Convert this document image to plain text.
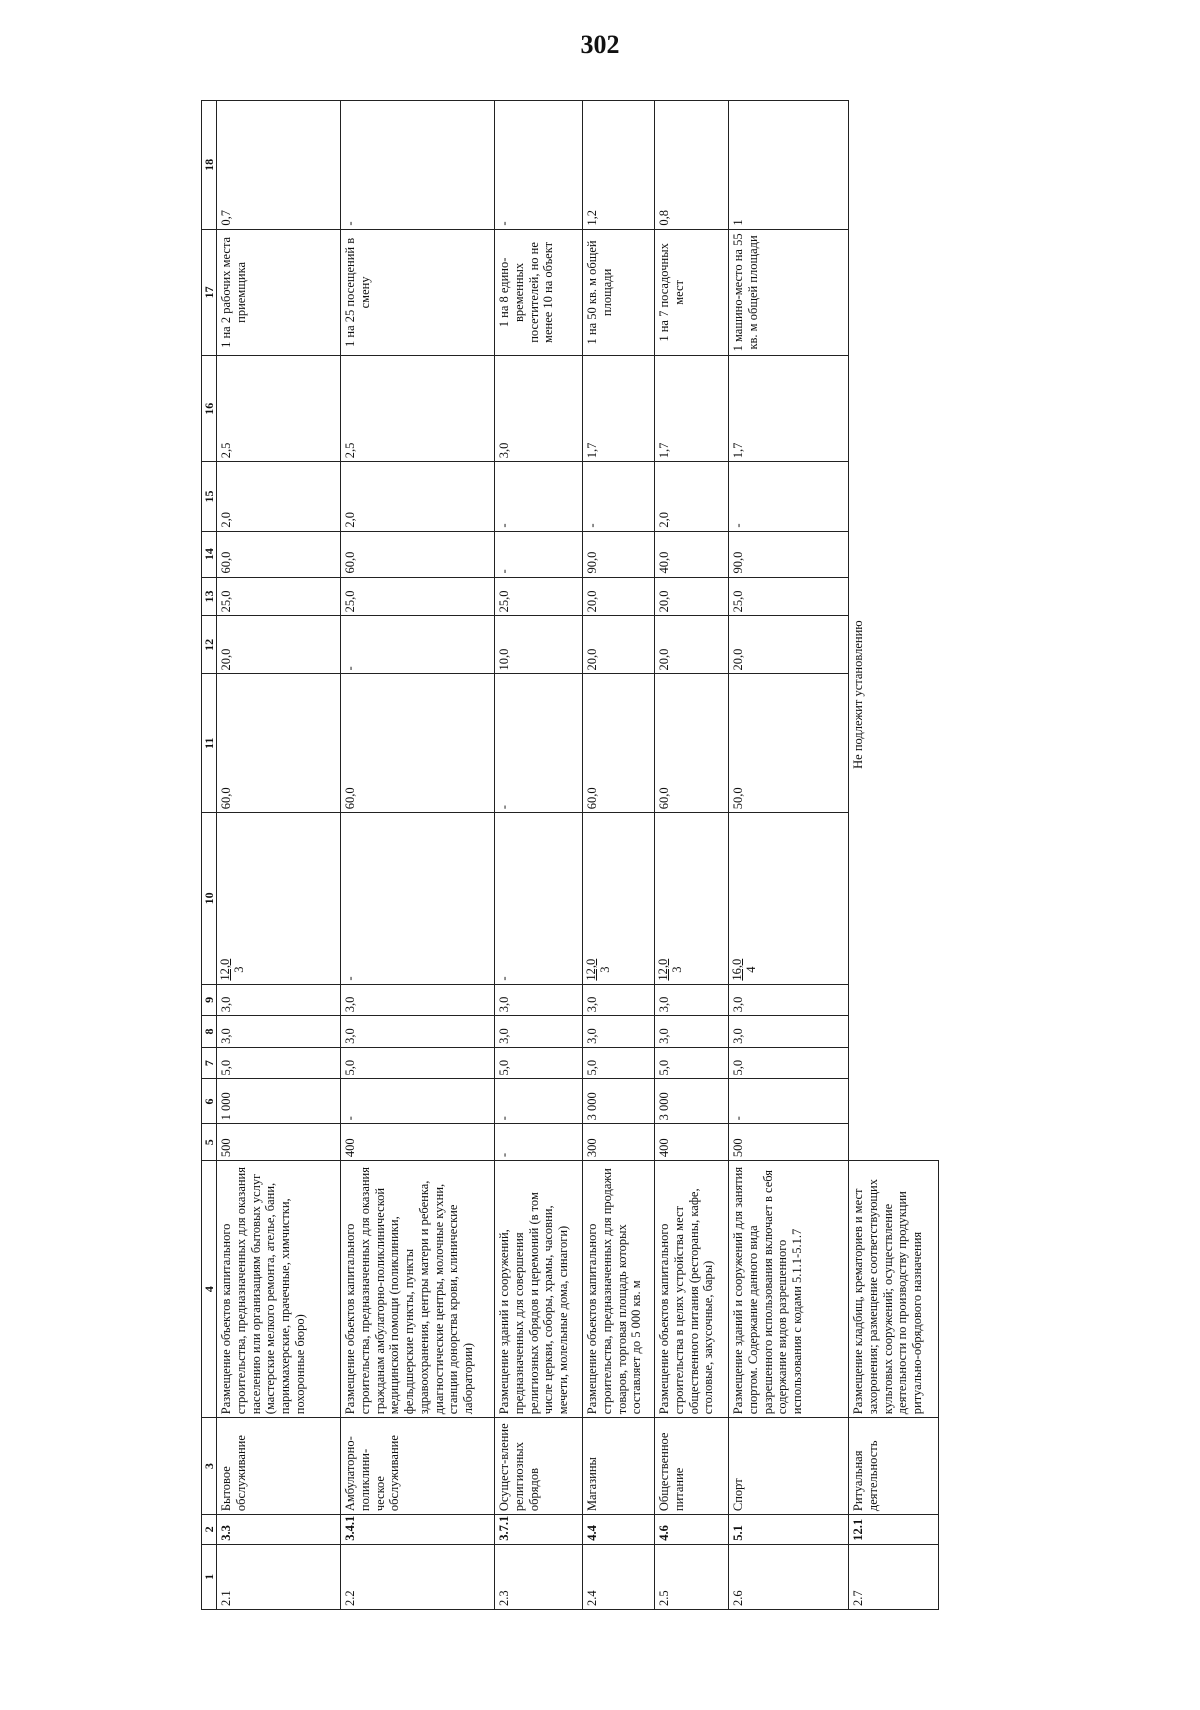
302
1	2	3	4	5	6	7	8	9	10	11	12	13	14	15	16	17	18
2.1	3.3	Бытовое обслуживание	Размещение объектов капитального строительства, предназначенных для оказания населению или организациям бытовых услуг (мастерские мелкого ремонта, ателье, бани, парикмахерские, прачечные, химчистки, похоронные бюро)	500	1 000	5,0	3,0	3,0	12,0 3	60,0	20,0	25,0	60,0	2,0	2,5	1 на 2 рабочих места приемщика	0,7
2.2	3.4.1	Амбулаторно-поликлини-ческое обслуживание	Размещение объектов капитального строительства, предназначенных для оказания гражданам амбулаторно-поликлинической медицинской помощи (поликлиники, фельдшерские пункты, пункты здравоохранения, центры матери и ребенка, диагностические центры, молочные кухни, станции донорства крови, клинические лаборатории)	400	-	5,0	3,0	3,0	-	60,0	-	25,0	60,0	2,0	2,5	1 на 25 посещений в смену	-
2.3	3.7.1	Осущест-вление религиозных обрядов	Размещение зданий и сооружений, предназначенных для совершения религиозных обрядов и церемоний (в том числе церкви, соборы, храмы, часовни, мечети, молельные дома, синагоги)	-	-	5,0	3,0	3,0	-	-	10,0	25,0	-	-	3,0	1 на 8 едино-временных посетителей, но не менее 10 на объект	-
2.4	4.4	Магазины	Размещение объектов капитального строительства, предназначенных для продажи товаров, торговая площадь которых составляет до 5 000 кв. м	300	3 000	5,0	3,0	3,0	12,0 3	60,0	20,0	20,0	90,0	-	1,7	1 на 50 кв. м общей площади	1,2
2.5	4.6	Общественное питание	Размещение объектов капитального строительства в целях устройства мест общественного питания (рестораны, кафе, столовые, закусочные, бары)	400	3 000	5,0	3,0	3,0	12,0 3	60,0	20,0	20,0	40,0	2,0	1,7	1 на 7 посадочных мест	0,8
2.6	5.1	Спорт	Размещение зданий и сооружений для занятия спортом. Содержание данного вида разрешенного использования включает в себя содержание видов разрешенного использования с кодами 5.1.1-5.1.7	500	-	5,0	3,0	3,0	16,0 4	50,0	20,0	25,0	90,0	-	1,7	1 машино-место на 55 кв. м общей площади	1
2.7	12.1	Ритуальная деятельность	Размещение кладбищ, крематориев и мест захоронения; размещение соответствующих культовых сооружений; осуществление деятельности по производству продукции ритуально-обрядового назначения	Не подлежит установлению													
